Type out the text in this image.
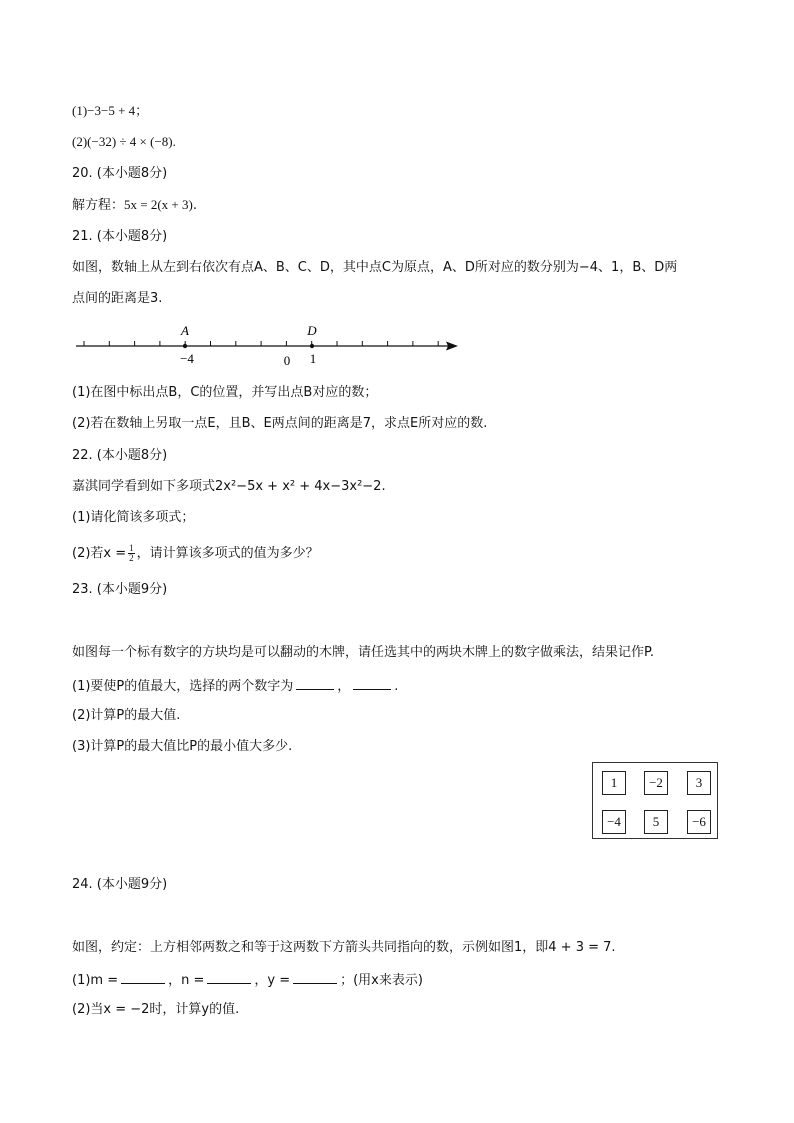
(1)−3−5 + 4；
(2)(−32) ÷ 4 × (−8).
20. (本小题8分)
解方程：5x = 2(x + 3).
21. (本小题8分)
如图，数轴上从左到右依次有点A、B、C、D，其中点C为原点，A、D所对应的数分别为−4、1，B、D两
点间的距离是3.
A	D
−4	0 1
(1)在图中标出点B，C的位置，并写出点B对应的数；
(2)若在数轴上另取一点E，且B、E两点间的距离是7，求点E所对应的数.
22. (本小题8分)
嘉淇同学看到如下多项式2x²−5x + x² + 4x−3x²−2.
(1)请化简该多项式；
(2)若$x = \frac{1}{2}$ ，请计算该多项式的值为多少？
23. (本小题9分)
如图每一个标有数字的方块均是可以翻动的木牌，请任选其中的两块木牌上的数字做乘法，结果记作P.
(1)要使P的值最大，选择的两个数字为	，	.
(2)计算P的最大值.
(3)计算P的最大值比P的最小值大多少.
1	−2	3
−4	5	−6
24. (本小题9分)
如图，约定：上方相邻两数之和等于这两数下方箭头共同指向的数，示例如图1，即4 + 3 = 7.
(1)m =	，n =	，y =	；(用x来表示)
(2)当x = −2时，计算y的值.
